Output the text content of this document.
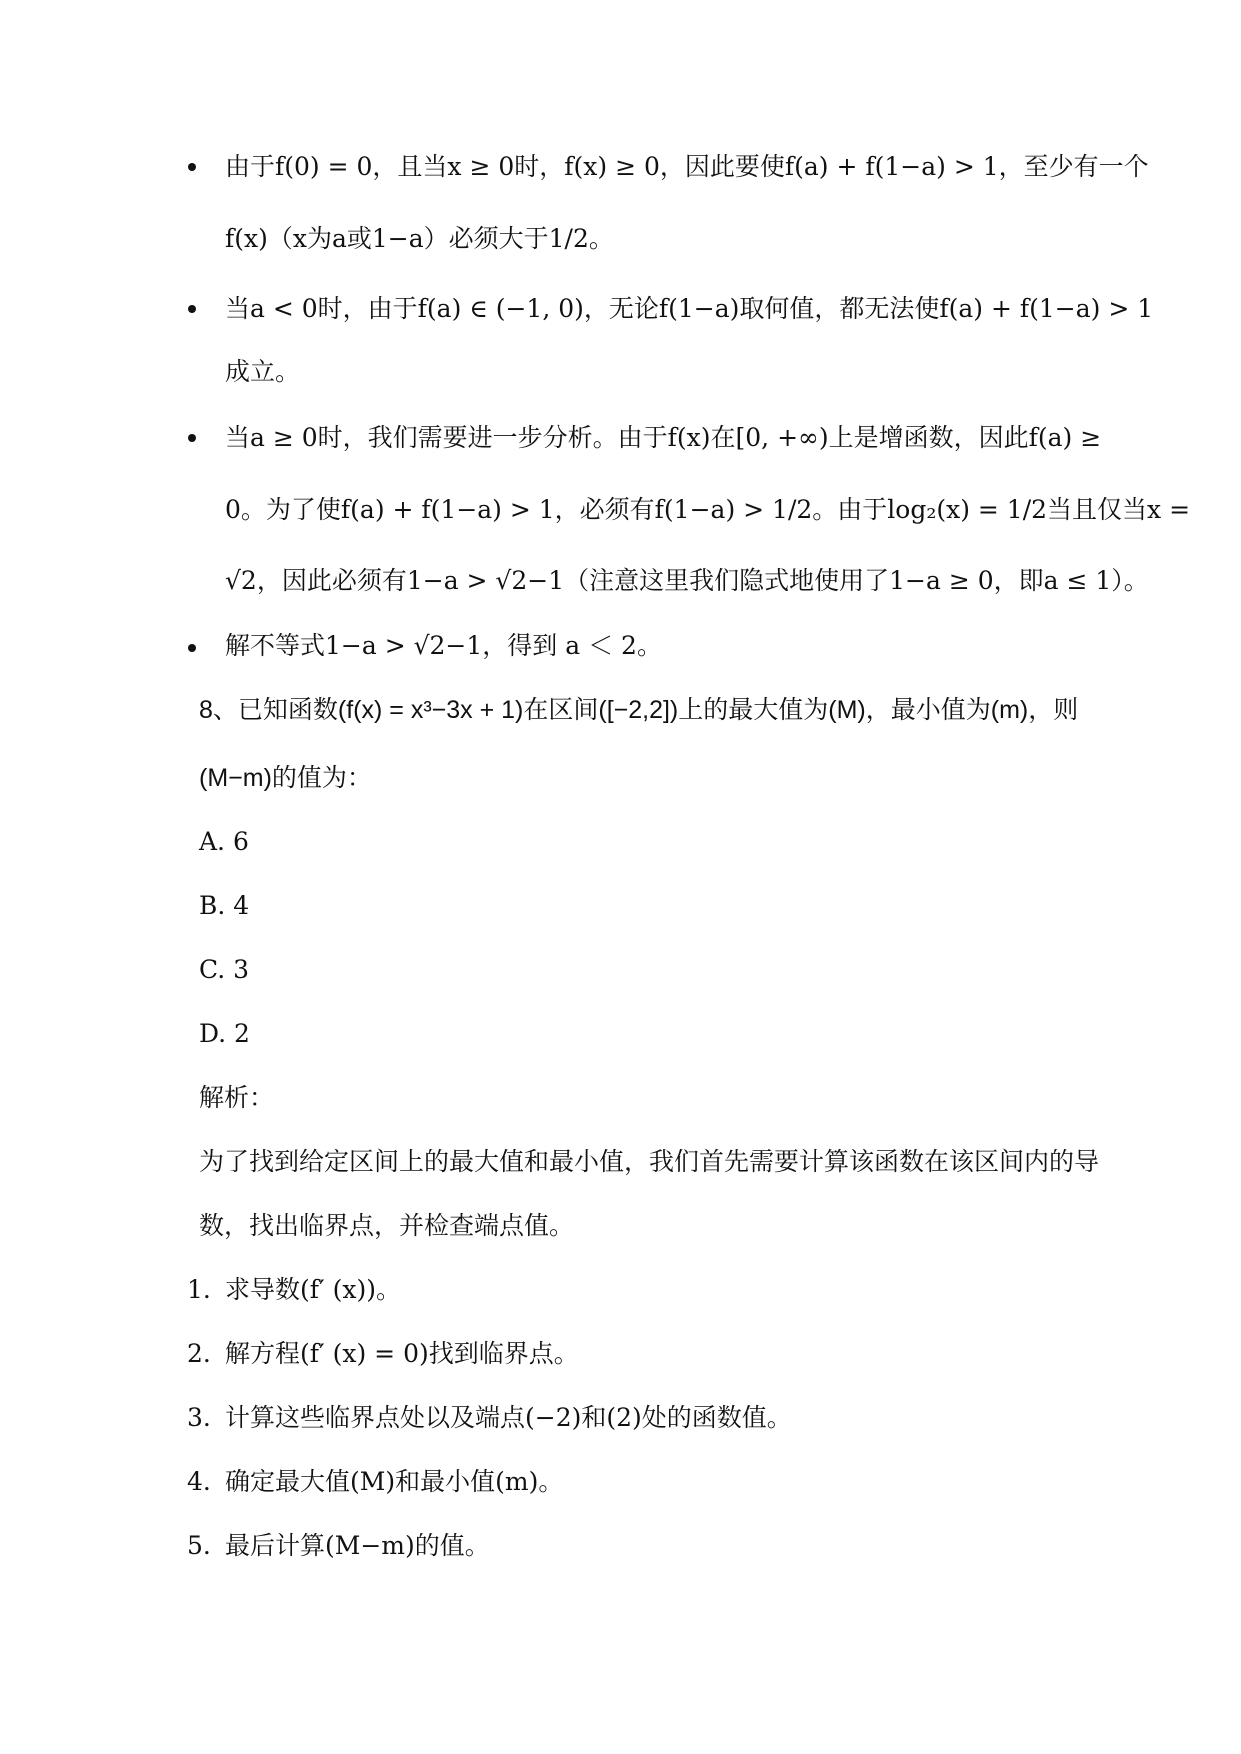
由于f(0) = 0，且当x ≥ 0时，f(x) ≥ 0，因此要使f(a) + f(1−a) > 1，至少有一个
f(x)（x为a或1−a）必须大于1/2。
当a < 0时，由于f(a) ∈ (−1, 0)，无论f(1−a)取何值，都无法使f(a) + f(1−a) > 1
成立。
当a ≥ 0时，我们需要进一步分析。由于f(x)在[0, +∞)上是增函数，因此f(a) ≥
0。为了使f(a) + f(1−a) > 1，必须有f(1−a) > 1/2。由于log₂(x) = 1/2当且仅当x =
√2，因此必须有1−a > √2−1（注意这里我们隐式地使用了1−a ≥ 0，即a ≤ 1）。
解不等式1−a > √2−1，得到 a ＜ 2。
8、已知函数(f(x) = x³−3x + 1)在区间([−2,2])上的最大值为(M)，最小值为(m)，则
(M−m)的值为：
A. 6
B. 4
C. 3
D. 2
解析：
为了找到给定区间上的最大值和最小值，我们首先需要计算该函数在该区间内的导
数，找出临界点，并检查端点值。
1. 求导数(f′ (x))。
2. 解方程(f′ (x) = 0)找到临界点。
3. 计算这些临界点处以及端点(−2)和(2)处的函数值。
4. 确定最大值(M)和最小值(m)。
5. 最后计算(M−m)的值。
